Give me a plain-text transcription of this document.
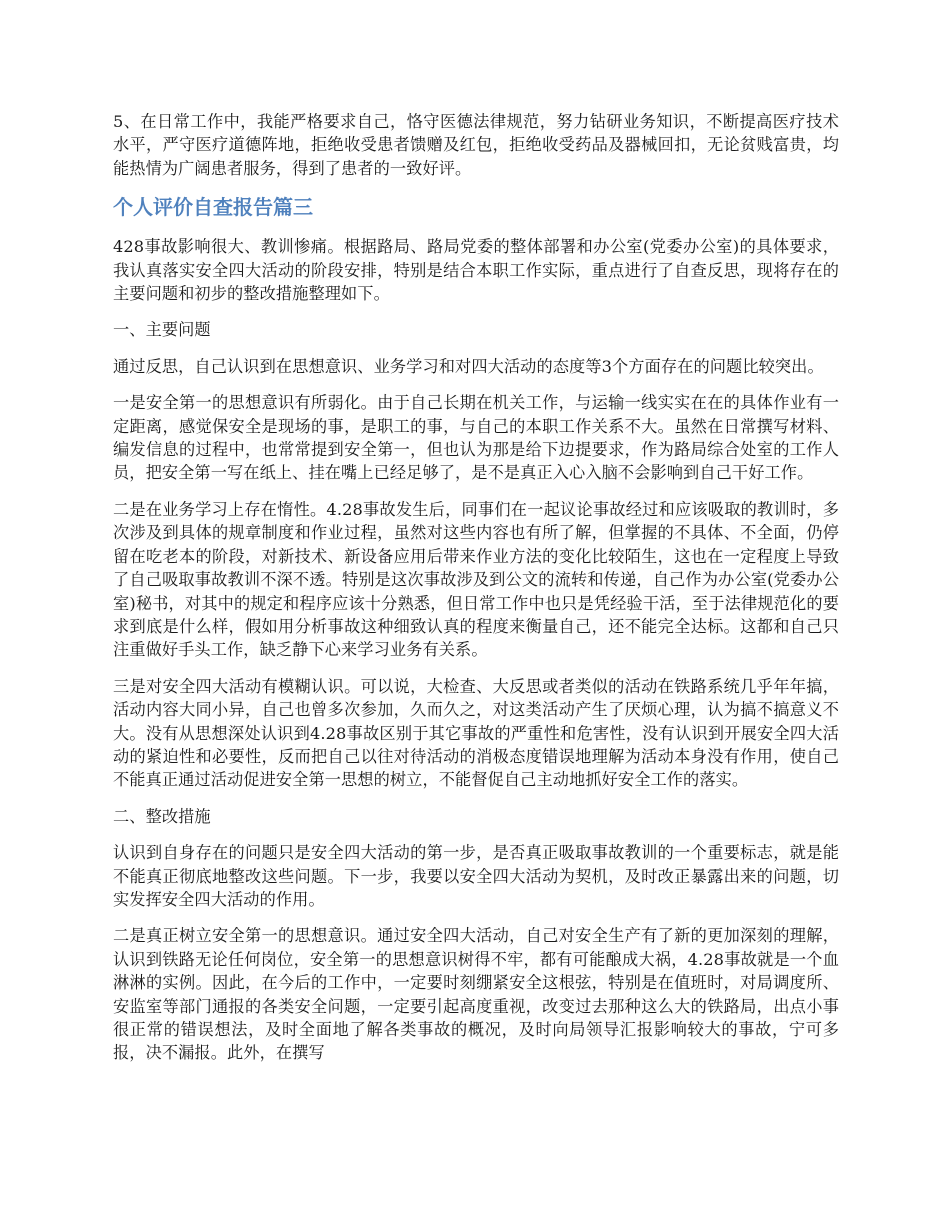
5、在日常工作中，我能严格要求自己，恪守医德法律规范，努力钻研业务知识，不断提高医疗技术水平，严守医疗道德阵地，拒绝收受患者馈赠及红包，拒绝收受药品及器械回扣，无论贫贱富贵，均能热情为广阔患者服务，得到了患者的一致好评。

个人评价自查报告篇三

428事故影响很大、教训惨痛。根据路局、路局党委的整体部署和办公室(党委办公室)的具体要求，我认真落实安全四大活动的阶段安排，特别是结合本职工作实际，重点进行了自查反思，现将存在的主要问题和初步的整改措施整理如下。

一、主要问题

通过反思，自己认识到在思想意识、业务学习和对四大活动的态度等3个方面存在的问题比较突出。

一是安全第一的思想意识有所弱化。由于自己长期在机关工作，与运输一线实实在在的具体作业有一定距离，感觉保安全是现场的事，是职工的事，与自己的本职工作关系不大。虽然在日常撰写材料、编发信息的过程中，也常常提到安全第一，但也认为那是给下边提要求，作为路局综合处室的工作人员，把安全第一写在纸上、挂在嘴上已经足够了，是不是真正入心入脑不会影响到自己干好工作。

二是在业务学习上存在惰性。4.28事故发生后，同事们在一起议论事故经过和应该吸取的教训时，多次涉及到具体的规章制度和作业过程，虽然对这些内容也有所了解，但掌握的不具体、不全面，仍停留在吃老本的阶段，对新技术、新设备应用后带来作业方法的变化比较陌生，这也在一定程度上导致了自己吸取事故教训不深不透。特别是这次事故涉及到公文的流转和传递，自己作为办公室(党委办公室)秘书，对其中的规定和程序应该十分熟悉，但日常工作中也只是凭经验干活，至于法律规范化的要求到底是什么样，假如用分析事故这种细致认真的程度来衡量自己，还不能完全达标。这都和自己只注重做好手头工作，缺乏静下心来学习业务有关系。

三是对安全四大活动有模糊认识。可以说，大检查、大反思或者类似的活动在铁路系统几乎年年搞，活动内容大同小异，自己也曾多次参加，久而久之，对这类活动产生了厌烦心理，认为搞不搞意义不大。没有从思想深处认识到4.28事故区别于其它事故的严重性和危害性，没有认识到开展安全四大活动的紧迫性和必要性，反而把自己以往对待活动的消极态度错误地理解为活动本身没有作用，使自己不能真正通过活动促进安全第一思想的树立，不能督促自己主动地抓好安全工作的落实。

二、整改措施

认识到自身存在的问题只是安全四大活动的第一步，是否真正吸取事故教训的一个重要标志，就是能不能真正彻底地整改这些问题。下一步，我要以安全四大活动为契机，及时改正暴露出来的问题，切实发挥安全四大活动的作用。

二是真正树立安全第一的思想意识。通过安全四大活动，自己对安全生产有了新的更加深刻的理解，认识到铁路无论任何岗位，安全第一的思想意识树得不牢，都有可能酿成大祸，4.28事故就是一个血淋淋的实例。因此，在今后的工作中，一定要时刻绷紧安全这根弦，特别是在值班时，对局调度所、安监室等部门通报的各类安全问题，一定要引起高度重视，改变过去那种这么大的铁路局，出点小事很正常的错误想法，及时全面地了解各类事故的概况，及时向局领导汇报影响较大的事故，宁可多报，决不漏报。此外，在撰写
